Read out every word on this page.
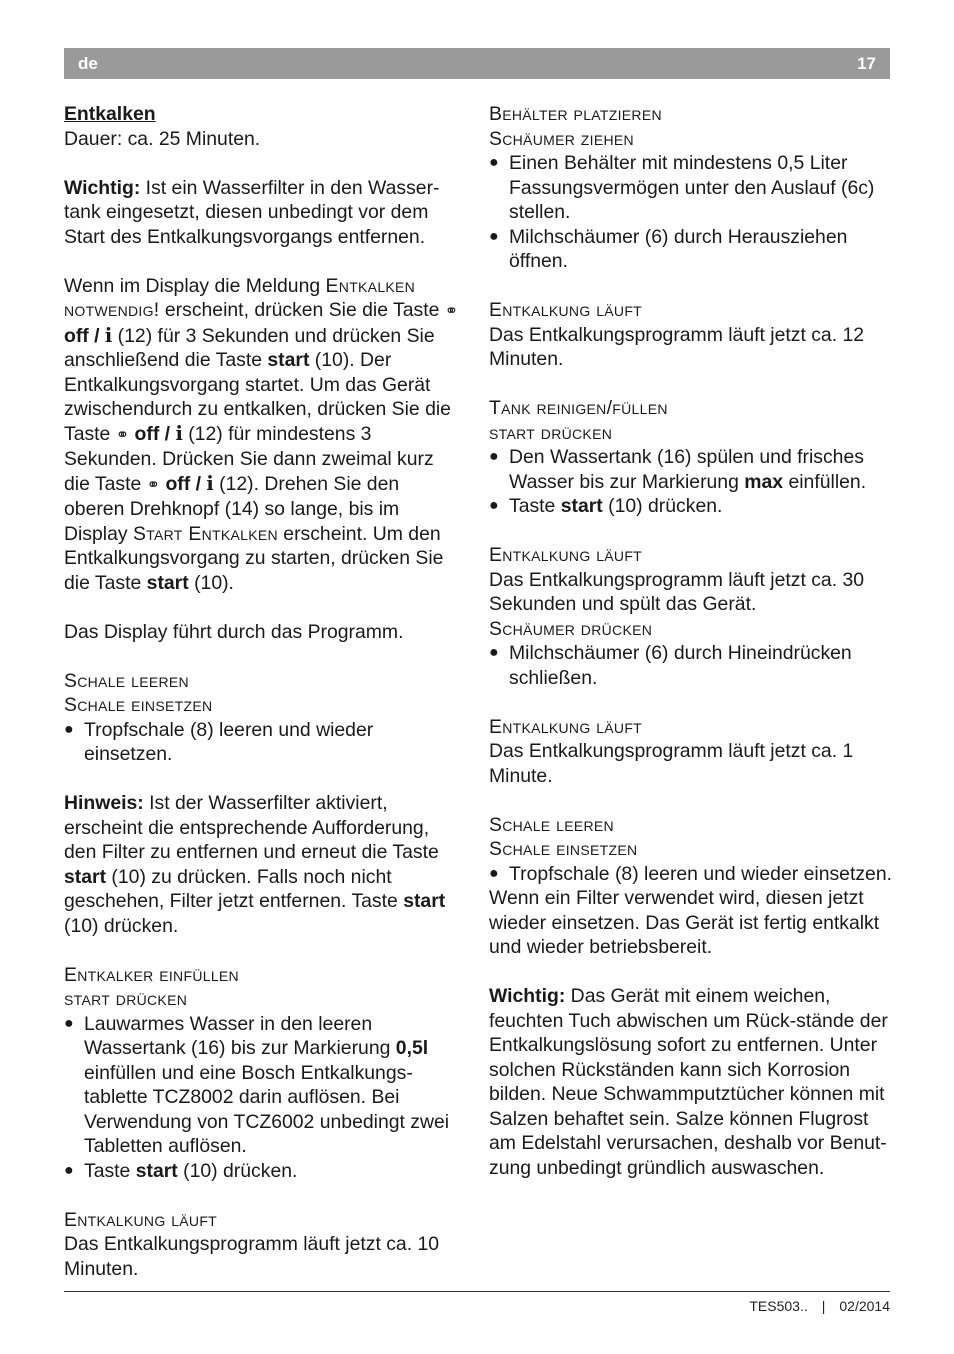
de	17

Entkalken

Dauer: ca. 25 Minuten.

Wichtig: Ist ein Wasserfilter in den Wasser-tank eingesetzt, diesen unbedingt vor dem Start des Entkalkungsvorgangs entfernen.

Wenn im Display die Meldung Entkalken notwendig! erscheint, drücken Sie die Taste ⚭ off / i (12) für 3 Sekunden und drücken Sie anschließend die Taste start (10). Der Entkalkungsvorgang startet. Um das Gerät zwischendurch zu entkalken, drücken Sie die Taste ⚭ off / i (12) für mindestens 3 Sekunden. Drücken Sie dann zweimal kurz die Taste ⚭ off / i (12). Drehen Sie den oberen Drehknopf (14) so lange, bis im Display Start Entkalken erscheint. Um den Entkalkungsvorgang zu starten, drücken Sie die Taste start (10).

Das Display führt durch das Programm.

Schale leeren

Schale einsetzen

● Tropfschale (8) leeren und wieder einsetzen.

Hinweis: Ist der Wasserfilter aktiviert, erscheint die entsprechende Aufforderung, den Filter zu entfernen und erneut die Taste start (10) zu drücken. Falls noch nicht geschehen, Filter jetzt entfernen. Taste start (10) drücken.

Entkalker einfüllen

start drücken

● Lauwarmes Wasser in den leeren Wassertank (16) bis zur Markierung 0,5l einfüllen und eine Bosch Entkalkungs-tablette TCZ8002 darin auflösen. Bei Verwendung von TCZ6002 unbedingt zwei Tabletten auflösen.

● Taste start (10) drücken.

Entkalkung läuft

Das Entkalkungsprogramm läuft jetzt ca. 10 Minuten.

Behälter platzieren

Schäumer ziehen

● Einen Behälter mit mindestens 0,5 Liter Fassungsvermögen unter den Auslauf (6c) stellen.

● Milchschäumer (6) durch Herausziehen öffnen.

Entkalkung läuft

Das Entkalkungsprogramm läuft jetzt ca. 12 Minuten.

Tank reinigen/füllen

start drücken

● Den Wassertank (16) spülen und frisches Wasser bis zur Markierung max einfüllen.

● Taste start (10) drücken.

Entkalkung läuft

Das Entkalkungsprogramm läuft jetzt ca. 30 Sekunden und spült das Gerät.

Schäumer drücken

● Milchschäumer (6) durch Hineindrücken schließen.

Entkalkung läuft

Das Entkalkungsprogramm läuft jetzt ca. 1 Minute.

Schale leeren

Schale einsetzen

● Tropfschale (8) leeren und wieder einsetzen.

Wenn ein Filter verwendet wird, diesen jetzt wieder einsetzen. Das Gerät ist fertig entkalkt und wieder betriebsbereit.

Wichtig: Das Gerät mit einem weichen, feuchten Tuch abwischen um Rück-stände der Entkalkungslösung sofort zu entfernen. Unter solchen Rückständen kann sich Korrosion bilden. Neue Schwammputztücher können mit Salzen behaftet sein. Salze können Flugrost am Edelstahl verursachen, deshalb vor Benut-zung unbedingt gründlich auswaschen.

TES503.. | 02/2014
